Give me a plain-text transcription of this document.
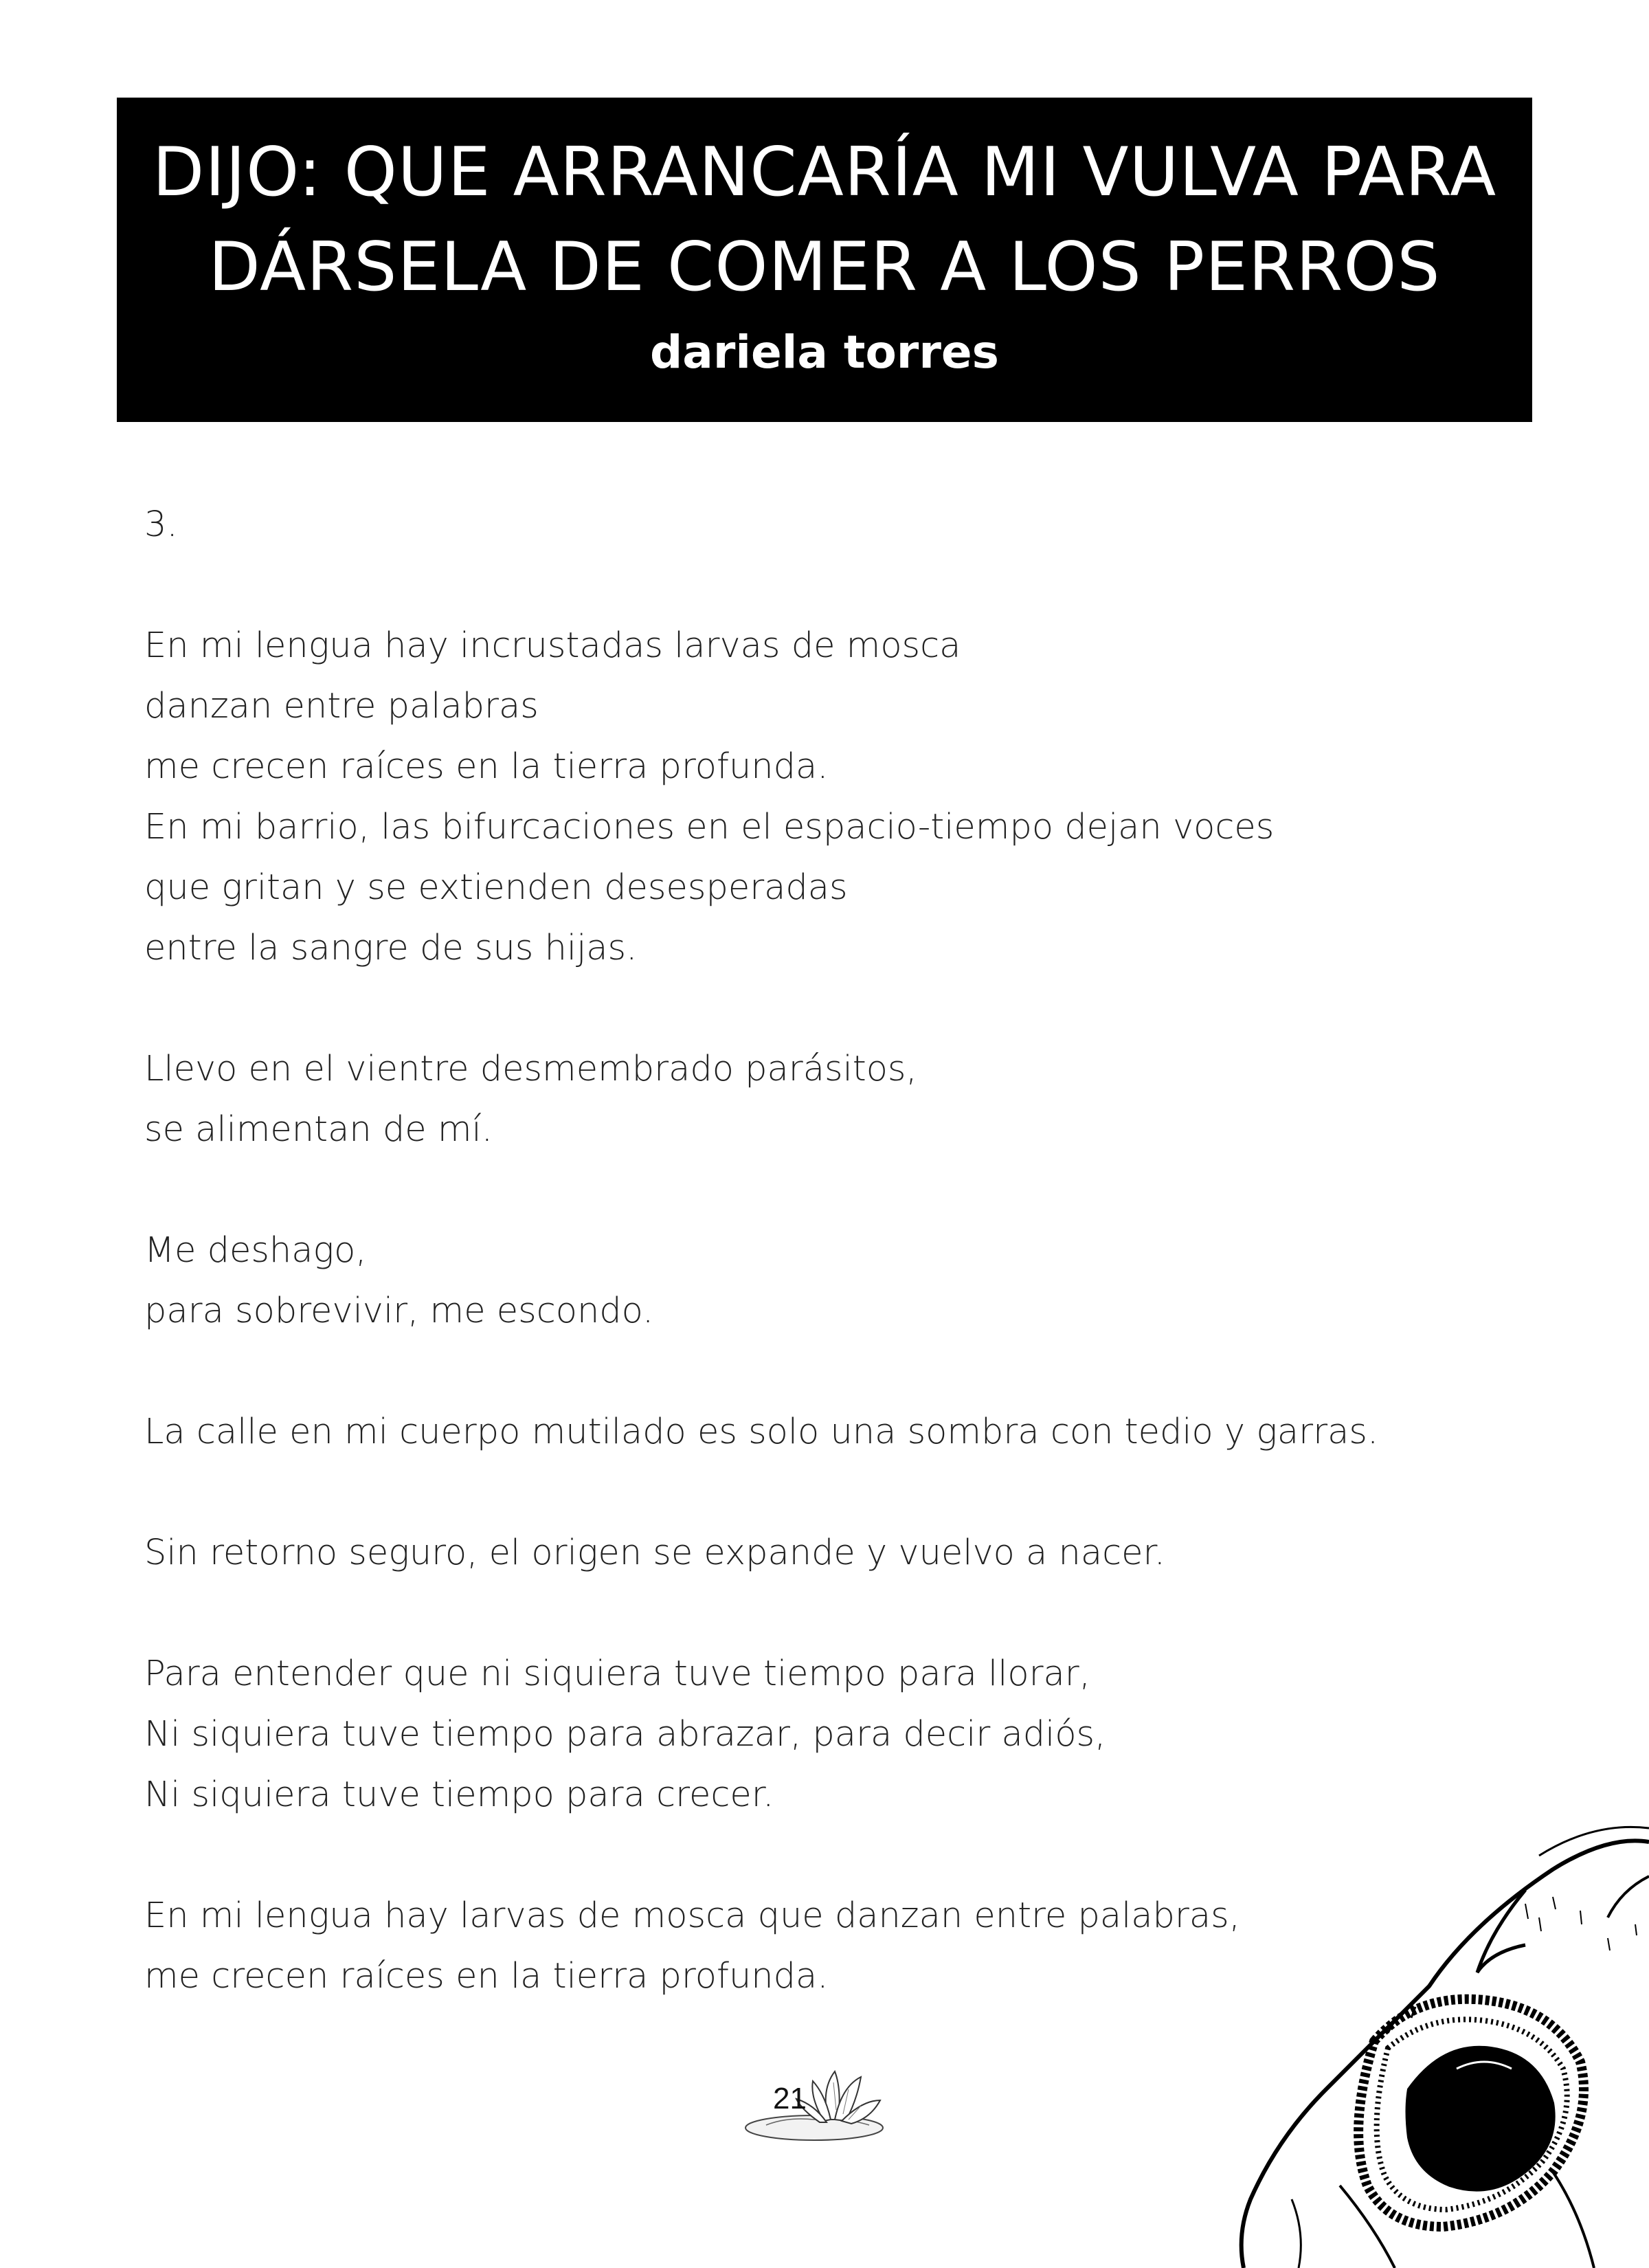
DIJO: QUE ARRANCARÍA MI VULVA PARA
DÁRSELA DE COMER A LOS PERROS
dariela torres
3.
En mi lengua hay incrustadas larvas de mosca
danzan entre palabras
me crecen raíces en la tierra profunda.
En mi barrio, las bifurcaciones en el espacio-tiempo dejan voces
que gritan y se extienden desesperadas
entre la sangre de sus hijas.
Llevo en el vientre desmembrado parásitos,
se alimentan de mí.
Me deshago,
para sobrevivir, me escondo.
La calle en mi cuerpo mutilado es solo una sombra con tedio y garras.
Sin retorno seguro, el origen se expande y vuelvo a nacer.
Para entender que ni siquiera tuve tiempo para llorar,
Ni siquiera tuve tiempo para abrazar, para decir adiós,
Ni siquiera tuve tiempo para crecer.
En mi lengua hay larvas de mosca que danzan entre palabras,
me crecen raíces en la tierra profunda.
21
